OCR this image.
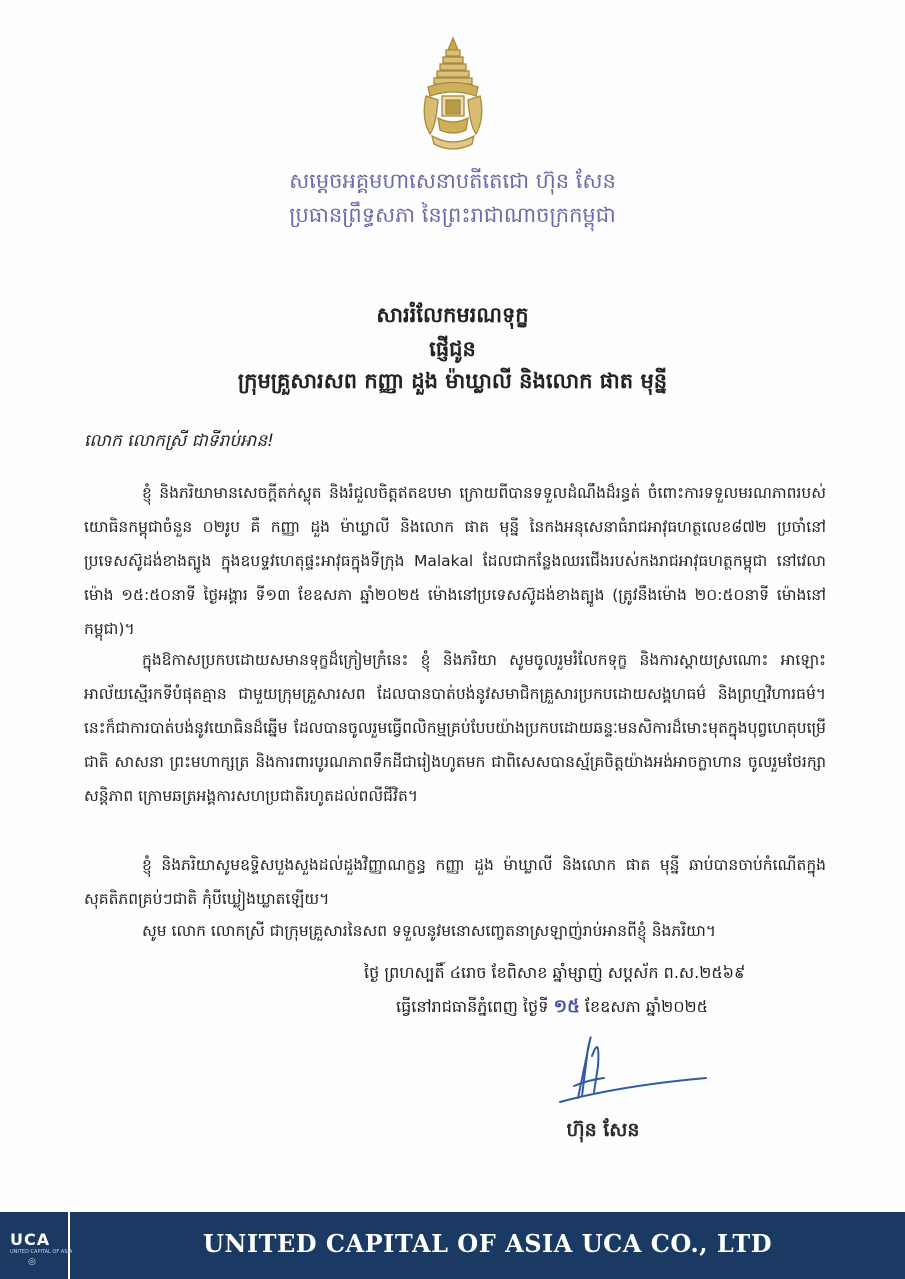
សម្តេចអគ្គមហាសេនាបតីតេជោ ហ៊ុន សែន
ប្រធានព្រឹទ្ធសភា នៃព្រះរាជាណាចក្រកម្ពុជា
សាររំលែកមរណទុក្ខ
ផ្ញើជូន
ក្រុមគ្រួសារសព កញ្ញា ដួង ម៉ាឃ្លាលី និងលោក ផាត មុន្នី
លោក លោកស្រី ជាទីរាប់អាន!
ខ្ញុំ និងភរិយាមានសេចក្តីតក់ស្លុត និងរំជួលចិត្តឥតឧបមា ក្រោយពីបានទទួលដំណឹងដ៏រន្ធត់ ចំពោះការទទួលមរណភាពរបស់យោធិនកម្ពុជាចំនួន ០២រូប គឺ កញ្ញា ដួង ម៉ាឃ្លាលី និងលោក ផាត មុន្នី នៃកងអនុសេនាធំរាជអាវុធហត្ថលេខ៨៧២ ប្រចាំនៅប្រទេសស៊ូដង់ខាងត្បូង ក្នុងឧបទ្ទវហេតុផ្ទះអាវុធក្នុងទីក្រុង Malakal ដែលជាកន្លែងឈរជើងរបស់កងរាជអាវុធហត្ថកម្ពុជា នៅវេលាម៉ោង ១៥:៥០នាទី ថ្ងៃអង្គារ ទី១៣ ខែឧសភា ឆ្នាំ២០២៥ ម៉ោងនៅប្រទេសស៊ូដង់ខាងត្បូង (ត្រូវនឹងម៉ោង ២០:៥០នាទី ម៉ោងនៅកម្ពុជា)។
ក្នុងឱកាសប្រកបដោយសមានទុក្ខដ៏ក្រៀមក្រំនេះ ខ្ញុំ និងភរិយា សូមចូលរួមរំលែកទុក្ខ និងការស្តាយស្រណោះ អាឡោះអាល័យស្មើរកទីបំផុតគ្មាន ជាមួយក្រុមគ្រួសារសព ដែលបានបាត់បង់នូវសមាជិកគ្រួសារប្រកបដោយសង្គហធម៌ និងព្រហ្មវិហារធម៌។ នេះក៏ជាការបាត់បង់នូវយោធិនដ៏ឆ្នើម ដែលបានចូលរួមធ្វើពលិកម្មគ្រប់បែបយ៉ាងប្រកបដោយឆន្ទៈមនសិការដ៏មោះមុតក្នុងបុព្វហេតុបម្រើ ជាតិ សាសនា ព្រះមហាក្សត្រ និងការពារបូរណភាពទឹកដីជារៀងហូតមក ជាពិសេសបានស្ម័គ្រចិត្តយ៉ាងអង់អាចក្លាហាន ចូលរួមថែរក្សាសន្តិភាព ក្រោមឆត្រអង្គការសហប្រជាតិរហូតដល់ពលីជីវិត។
ខ្ញុំ និងភរិយាសូមឧទ្ទិសបួងសួងដល់ដួងវិញ្ញាណក្ខន្ធ កញ្ញា ដួង ម៉ាឃ្លាលី និងលោក ផាត មុន្នី ឆាប់បានចាប់កំណើតក្នុងសុគតិភពគ្រប់ៗជាតិ កុំបីឃ្លៀងឃ្លាតឡើយ។
សូម លោក លោកស្រី ជាក្រុមគ្រួសារនៃសព ទទួលនូវមនោសញ្ចេតនាស្រឡាញ់រាប់អានពីខ្ញុំ និងភរិយា។
ថ្ងៃ ព្រហស្បតិ៍ ៤រោច ខែពិសាខ ឆ្នាំម្សាញ់ សប្តស័ក ព.ស.២៥៦៩
ធ្វើនៅរាជធានីភ្នំពេញ ថ្ងៃទី ១៥ ខែឧសភា ឆ្នាំ២០២៥
ហ៊ុន សែន
UCA
UNITED CAPITAL OF ASIA
◎
UNITED CAPITAL OF ASIA UCA CO., LTD
